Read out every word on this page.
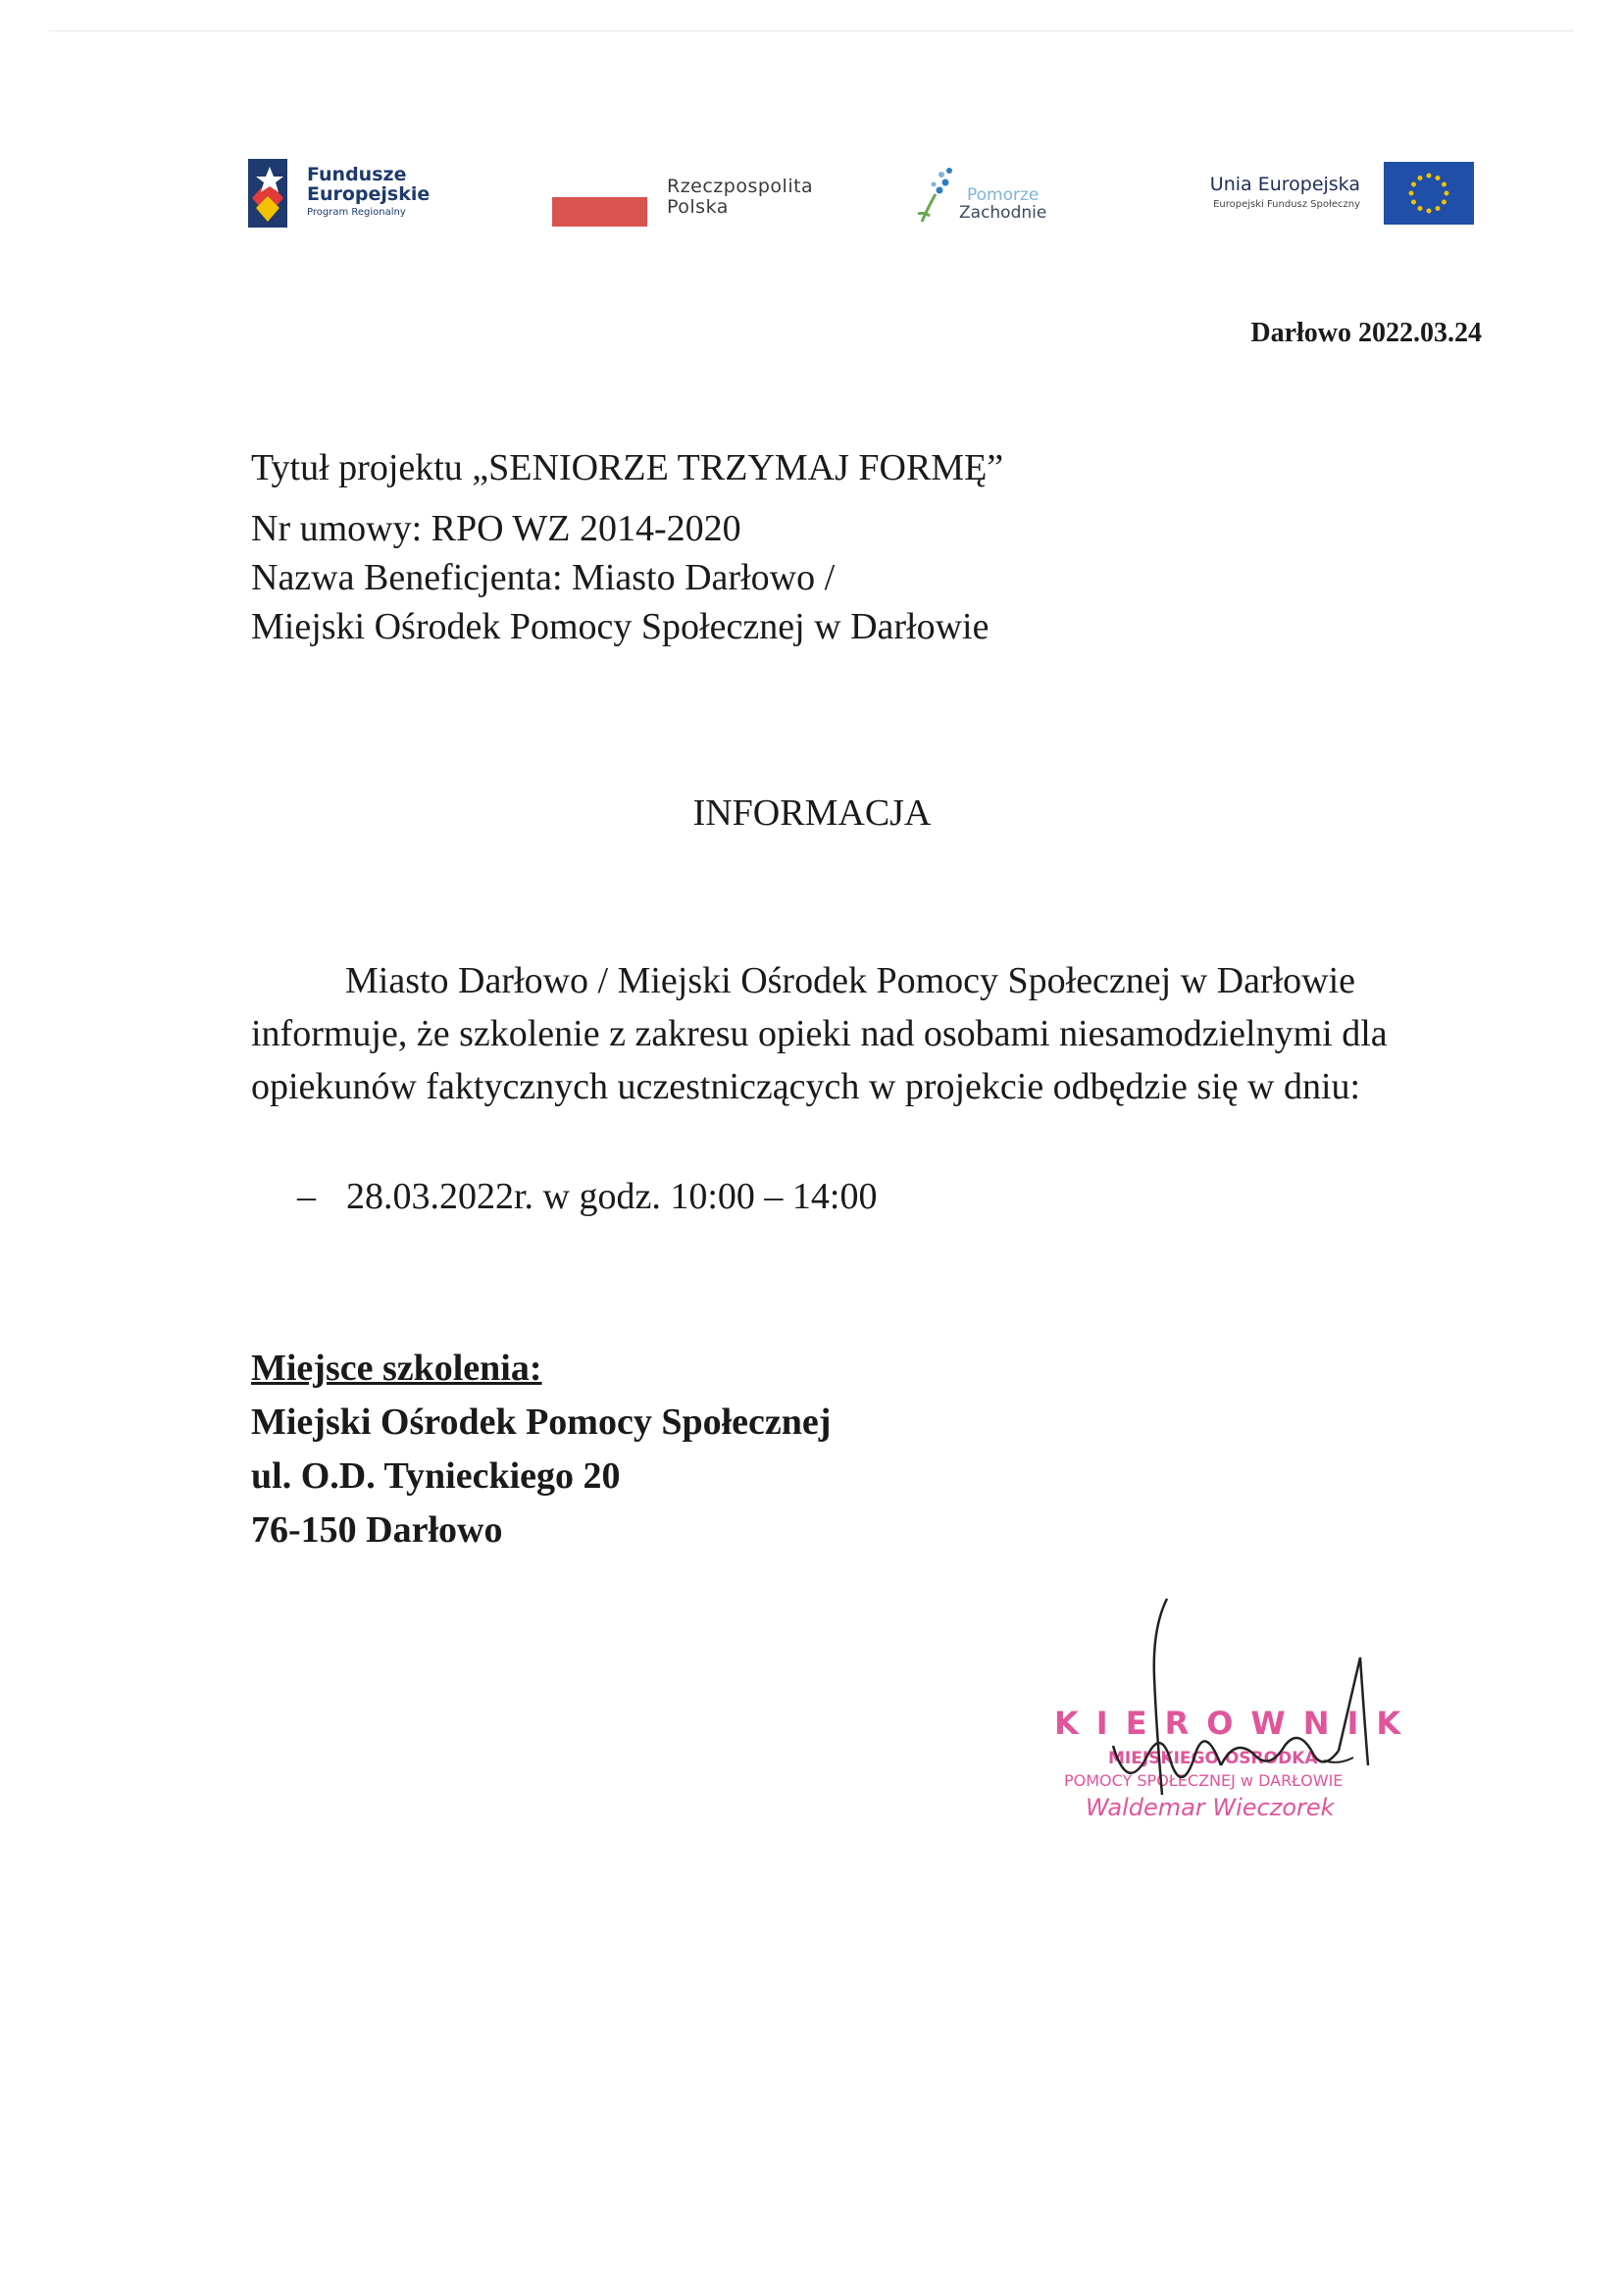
Fundusze
Europejskie
Program Regionalny
Rzeczpospolita
Polska
Pomorze
Zachodnie
Unia Europejska
Europejski Fundusz Społeczny
Darłowo 2022.03.24
Tytuł projektu „SENIORZE TRZYMAJ FORMĘ”
Nr umowy: RPO WZ 2014-2020
Nazwa Beneficjenta: Miasto Darłowo /
Miejski Ośrodek Pomocy Społecznej w Darłowie
INFORMACJA

Miasto Darłowo / Miejski Ośrodek Pomocy Społecznej w Darłowie informuje, że szkolenie z zakresu opieki nad osobami niesamodzielnymi dla opiekunów faktycznych uczestniczących w projekcie odbędzie się w dniu:

– 28.03.2022r. w godz. 10:00 – 14:00
Miejsce szkolenia:
Miejski Ośrodek Pomocy Społecznej
ul. O.D. Tynieckiego 20
76-150 Darłowo
KIEROWNIK
MIEJSKIEGO OŚRODKA
POMOCY SPOŁECZNEJ w DARŁOWIE
Waldemar Wieczorek
